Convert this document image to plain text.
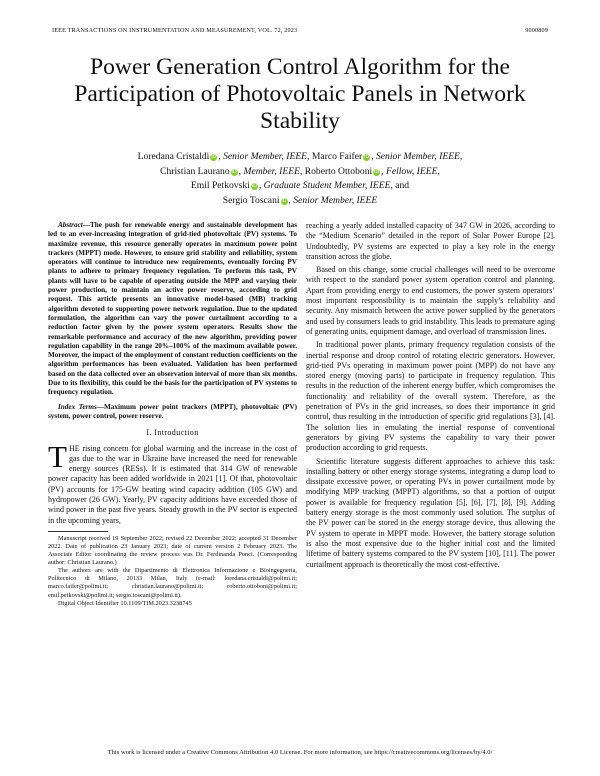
IEEE TRANSACTIONS ON INSTRUMENTATION AND MEASUREMENT, VOL. 72, 2023	9000809
Power Generation Control Algorithm for the Participation of Photovoltaic Panels in Network Stability
Loredana Cristaldi iD , Senior Member, IEEE, Marco Faifer iD , Senior Member, IEEE,
Christian Laurano iD , Member, IEEE, Roberto Ottoboni iD , Fellow, IEEE,
Emil Petkovski iD , Graduate Student Member, IEEE, and
Sergio Toscani iD , Senior Member, IEEE

Abstract—The push for renewable energy and sustainable development has led to an ever-increasing integration of grid-tied photovoltaic (PV) systems. To maximize revenue, this resource generally operates in maximum power point trackers (MPPT) mode. However, to ensure grid stability and reliability, system operators will continue to introduce new requirements, eventually forcing PV plants to adhere to primary frequency regulation. To perform this task, PV plants will have to be capable of operating outside the MPP and varying their power production, to maintain an active power reserve, according to grid request. This article presents an innovative model-based (MB) tracking algorithm devoted to supporting power network regulation. Due to the updated formulation, the algorithm can vary the power curtailment according to a reduction factor given by the power system operators. Results show the remarkable performance and accuracy of the new algorithm, providing power regulation capability in the range 20%–100% of the maximum available power. Moreover, the impact of the employment of constant reduction coefficients on the algorithm performances has been evaluated. Validation has been performed based on the data collected over an observation interval of more than six months. Due to its flexibility, this could be the basis for the participation of PV systems to frequency regulation.

Index Terms—Maximum power point trackers (MPPT), photovoltaic (PV) system, power control, power reserve.

I. Introduction

THE rising concern for global warming and the increase in the cost of gas due to the war in Ukraine have increased the need for renewable energy sources (RESs). It is estimated that 314 GW of renewable power capacity has been added worldwide in 2021 [1]. Of that, photovoltaic (PV) accounts for 175-GW beating wind capacity addition (105 GW) and hydropower (26 GW). Yearly, PV capacity additions have exceeded those of wind power in the past five years. Steady growth in the PV sector is expected in the upcoming years,

Manuscript received 19 September 2022; revised 22 December 2022; accepted 31 December 2022. Date of publication 23 January 2023; date of current version 2 February 2023. The Associate Editor coordinating the review process was Dr. Ferdinanda Ponci. (Corresponding author: Christian Laurano.)

The authors are with the Dipartimento di Elettronica Informazione e Bioingegneria, Politecnico di Milano, 20133 Milan, Italy (e-mail: loredana.cristaldi@polimi.it; marco.faifer@polimi.it; christian.laurano@polimi.it; roberto.ottoboni@polimi.it; emil.petkovski@polimi.it; sergio.toscani@polimi.it).

Digital Object Identifier 10.1109/TIM.2023.3238745

reaching a yearly added installed capacity of 347 GW in 2026, according to the “Medium Scenario” detailed in the report of Solar Power Europe [2]. Undoubtedly, PV systems are expected to play a key role in the energy transition across the globe.

Based on this change, some crucial challenges will need to be overcome with respect to the standard power system operation control and planning. Apart from providing energy to end customers, the power system operators’ most important responsibility is to maintain the supply’s reliability and security. Any mismatch between the active power supplied by the generators and used by consumers leads to grid instability. This leads to premature aging of generating units, equipment damage, and overload of transmission lines.

In traditional power plants, primary frequency regulation consists of the inertial response and droop control of rotating electric generators. However, grid-tied PVs operating in maximum power point (MPP) do not have any stored energy (moving parts) to participate in frequency regulation. This results in the reduction of the inherent energy buffer, which compromises the functionality and reliability of the overall system. Therefore, as the penetration of PVs in the grid increases, so does their importance in grid control, thus resulting in the introduction of specific grid regulations [3], [4]. The solution lies in emulating the inertial response of conventional generators by giving PV systems the capability to vary their power production according to grid requests.

Scientific literature suggests different approaches to achieve this task: installing battery or other energy storage systems, integrating a dump load to dissipate excessive power, or operating PVs in power curtailment mode by modifying MPP tracking (MPPT) algorithms, so that a portion of output power is available for frequency regulation [5], [6], [7], [8], [9]. Adding battery energy storage is the most commonly used solution. The surplus of the PV power can be stored in the energy storage device, thus allowing the PV system to operate in MPPT mode. However, the battery storage solution is also the most expensive due to the higher initial cost and the limited lifetime of battery systems compared to the PV system [10], [11]. The power curtailment approach is theoretically the most cost-effective.

This work is licensed under a Creative Commons Attribution 4.0 License. For more information, see https://creativecommons.org/licenses/by/4.0/
